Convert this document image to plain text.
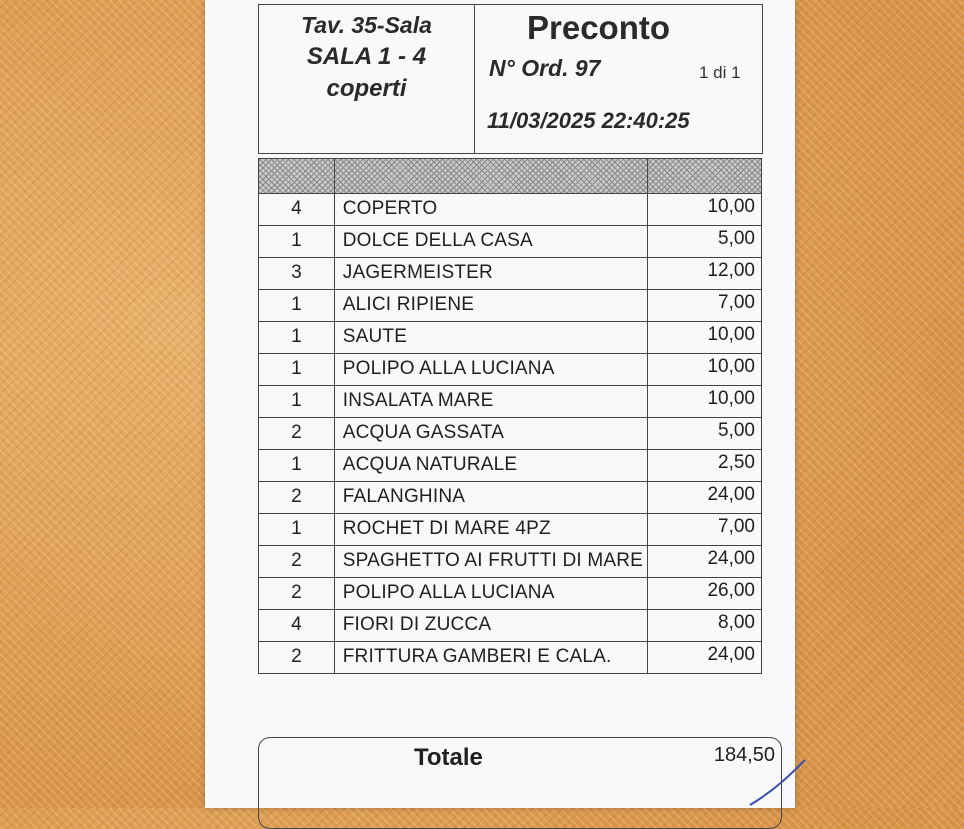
Tav. 35-Sala
SALA 1 - 4
coperti
Preconto
N° Ord. 97	1 di 1
11/03/2025 22:40:25

4	COPERTO	10,00
1	DOLCE DELLA CASA	5,00
3	JAGERMEISTER	12,00
1	ALICI RIPIENE	7,00
1	SAUTE	10,00
1	POLIPO ALLA LUCIANA	10,00
1	INSALATA MARE	10,00
2	ACQUA GASSATA	5,00
1	ACQUA NATURALE	2,50
2	FALANGHINA	24,00
1	ROCHET DI MARE 4PZ	7,00
2	SPAGHETTO AI FRUTTI DI MARE	24,00
2	POLIPO ALLA LUCIANA	26,00
4	FIORI DI ZUCCA	8,00
2	FRITTURA GAMBERI E CALA.	24,00
Totale	184,50
